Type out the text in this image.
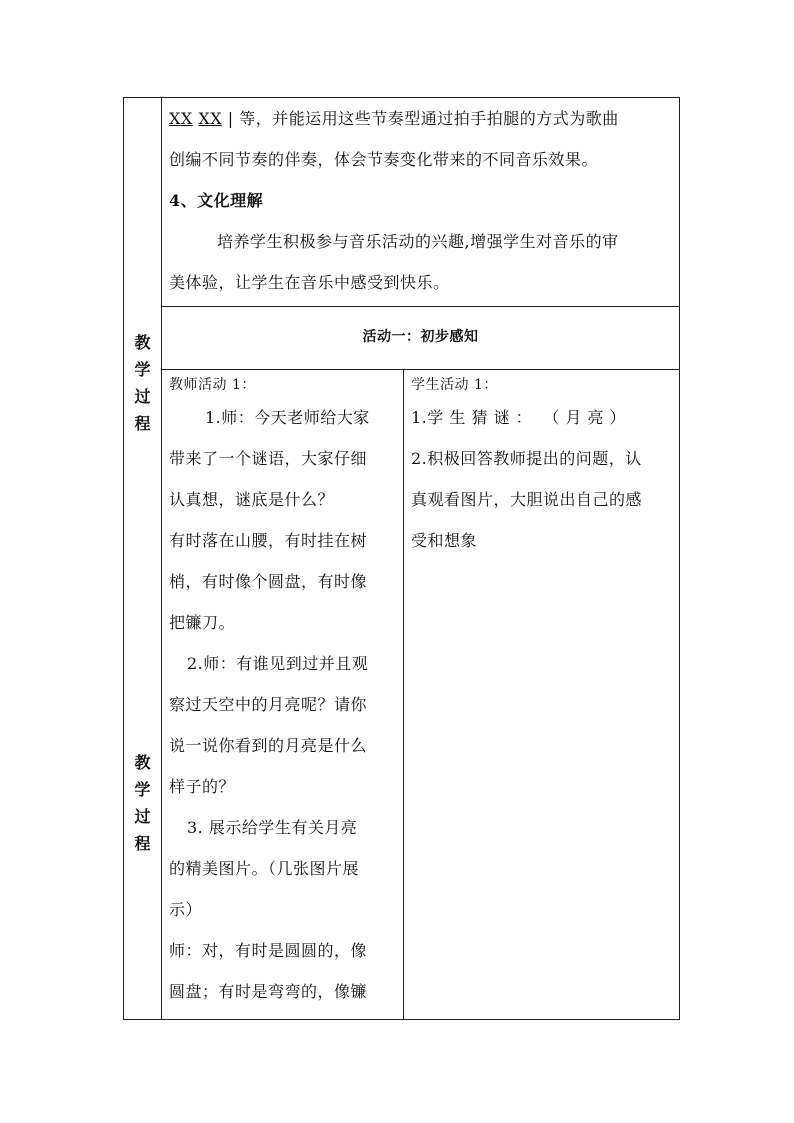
教
学
过
程
教
学
过
程
XX XX | 等，并能运用这些节奏型通过拍手拍腿的方式为歌曲
创编不同节奏的伴奏，体会节奏变化带来的不同音乐效果。
4、文化理解
培养学生积极参与音乐活动的兴趣,增强学生对音乐的审
美体验，让学生在音乐中感受到快乐。
活动一：初步感知
教师活动 1：
1.师：今天老师给大家
带来了一个谜语，大家仔细
认真想，谜底是什么？
有时落在山腰，有时挂在树
梢，有时像个圆盘，有时像
把镰刀。
2.师：有谁见到过并且观
察过天空中的月亮呢？请你
说一说你看到的月亮是什么
样子的？
3. 展示给学生有关月亮
的精美图片。（几张图片展
示）
师：对，有时是圆圆的，像
圆盘；有时是弯弯的，像镰
学生活动 1：
1.学 生 猜 谜 ：  （ 月 亮 ）
2.积极回答教师提出的问题，认
真观看图片，大胆说出自己的感
受和想象
